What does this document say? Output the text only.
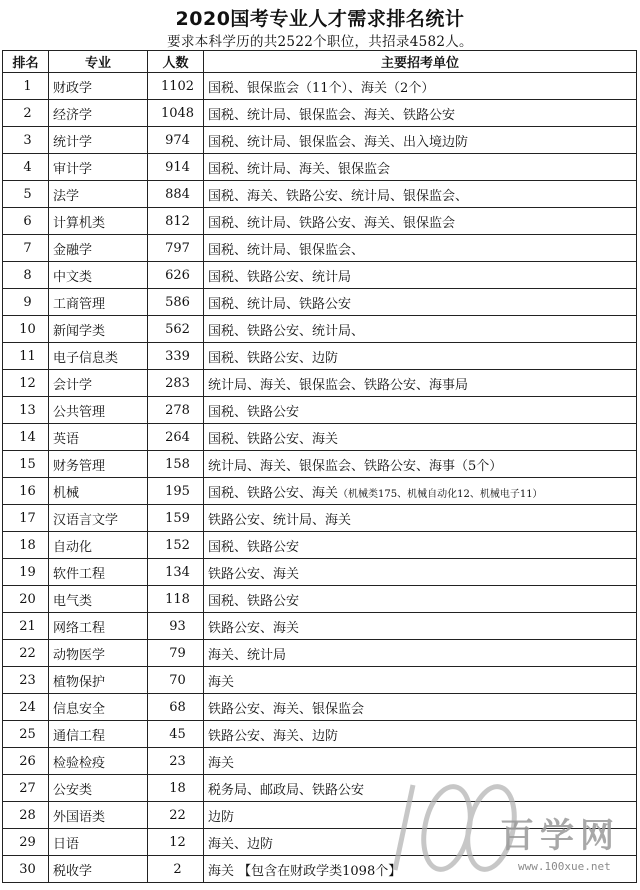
2020国考专业人才需求排名统计
要求本科学历的共2522个职位，共招录4582人。
排名	专业	人数	主要招考单位
1	财政学	1102	国税、银保监会（11个）、海关（2个）
2	经济学	1048	国税、统计局、银保监会、海关、铁路公安
3	统计学	974	国税、统计局、银保监会、海关、出入境边防
4	审计学	914	国税、统计局、海关、银保监会
5	法学	884	国税、海关、铁路公安、统计局、银保监会、
6	计算机类	812	国税、统计局、铁路公安、海关、银保监会
7	金融学	797	国税、统计局、银保监会、
8	中文类	626	国税、铁路公安、统计局
9	工商管理	586	国税、统计局、铁路公安
10	新闻学类	562	国税、铁路公安、统计局、
11	电子信息类	339	国税、铁路公安、边防
12	会计学	283	统计局、海关、银保监会、铁路公安、海事局
13	公共管理	278	国税、铁路公安
14	英语	264	国税、铁路公安、海关
15	财务管理	158	统计局、海关、银保监会、铁路公安、海事（5个）
16	机械	195	国税、铁路公安、海关（机械类175、机械自动化12、机械电子11）
17	汉语言文学	159	铁路公安、统计局、海关
18	自动化	152	国税、铁路公安
19	软件工程	134	铁路公安、海关
20	电气类	118	国税、铁路公安
21	网络工程	93	铁路公安、海关
22	动物医学	79	海关、统计局
23	植物保护	70	海关
24	信息安全	68	铁路公安、海关、银保监会
25	通信工程	45	铁路公安、海关、边防
26	检验检疫	23	海关
27	公安类	18	税务局、邮政局、铁路公安
28	外国语类	22	边防
29	日语	12	海关、边防
30	税收学	2	海关 【包含在财政学类1098个】
百学网
www.100xue.net
